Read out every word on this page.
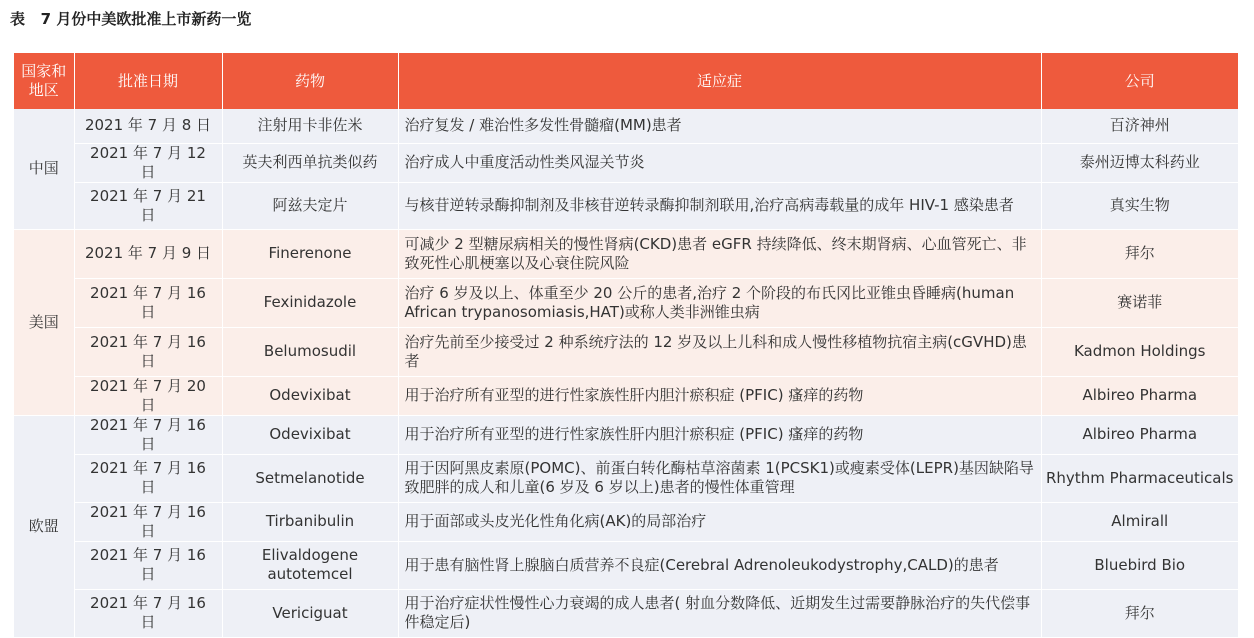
表   7 月份中美欧批准上市新药一览
国家和地区	批准日期	药物	适应症	公司
中国	2021 年 7 月 8 日	注射用卡非佐米	治疗复发 / 难治性多发性骨髓瘤(MM)患者	百济神州
	2021 年 7 月 12 日	英夫利西单抗类似药	治疗成人中重度活动性类风湿关节炎	泰州迈博太科药业
	2021 年 7 月 21 日	阿兹夫定片	与核苷逆转录酶抑制剂及非核苷逆转录酶抑制剂联用,治疗高病毒载量的成年 HIV-1 感染患者	真实生物
美国	2021 年 7 月 9 日	Finerenone	可减少 2 型糖尿病相关的慢性肾病(CKD)患者 eGFR 持续降低、终末期肾病、心血管死亡、非致死性心肌梗塞以及心衰住院风险	拜尔
	2021 年 7 月 16 日	Fexinidazole	治疗 6 岁及以上、体重至少 20 公斤的患者,治疗 2 个阶段的布氏冈比亚锥虫昏睡病(human African trypanosomiasis,HAT)或称人类非洲锥虫病	赛诺菲
	2021 年 7 月 16 日	Belumosudil	治疗先前至少接受过 2 种系统疗法的 12 岁及以上儿科和成人慢性移植物抗宿主病(cGVHD)患者	Kadmon Holdings
	2021 年 7 月 20 日	Odevixibat	用于治疗所有亚型的进行性家族性肝内胆汁瘀积症 (PFIC) 瘙痒的药物	Albireo Pharma
欧盟	2021 年 7 月 16 日	Odevixibat	用于治疗所有亚型的进行性家族性肝内胆汁瘀积症 (PFIC) 瘙痒的药物	Albireo Pharma
	2021 年 7 月 16 日	Setmelanotide	用于因阿黑皮素原(POMC)、前蛋白转化酶枯草溶菌素 1(PCSK1)或瘦素受体(LEPR)基因缺陷导致肥胖的成人和儿童(6 岁及 6 岁以上)患者的慢性体重管理	Rhythm Pharmaceuticals
	2021 年 7 月 16 日	Tirbanibulin	用于面部或头皮光化性角化病(AK)的局部治疗	Almirall
	2021 年 7 月 16 日	Elivaldogene autotemcel	用于患有脑性肾上腺脑白质营养不良症(Cerebral Adrenoleukodystrophy,CALD)的患者	Bluebird Bio
	2021 年 7 月 16 日	Vericiguat	用于治疗症状性慢性心力衰竭的成人患者( 射血分数降低、近期发生过需要静脉治疗的失代偿事件稳定后)	拜尔
